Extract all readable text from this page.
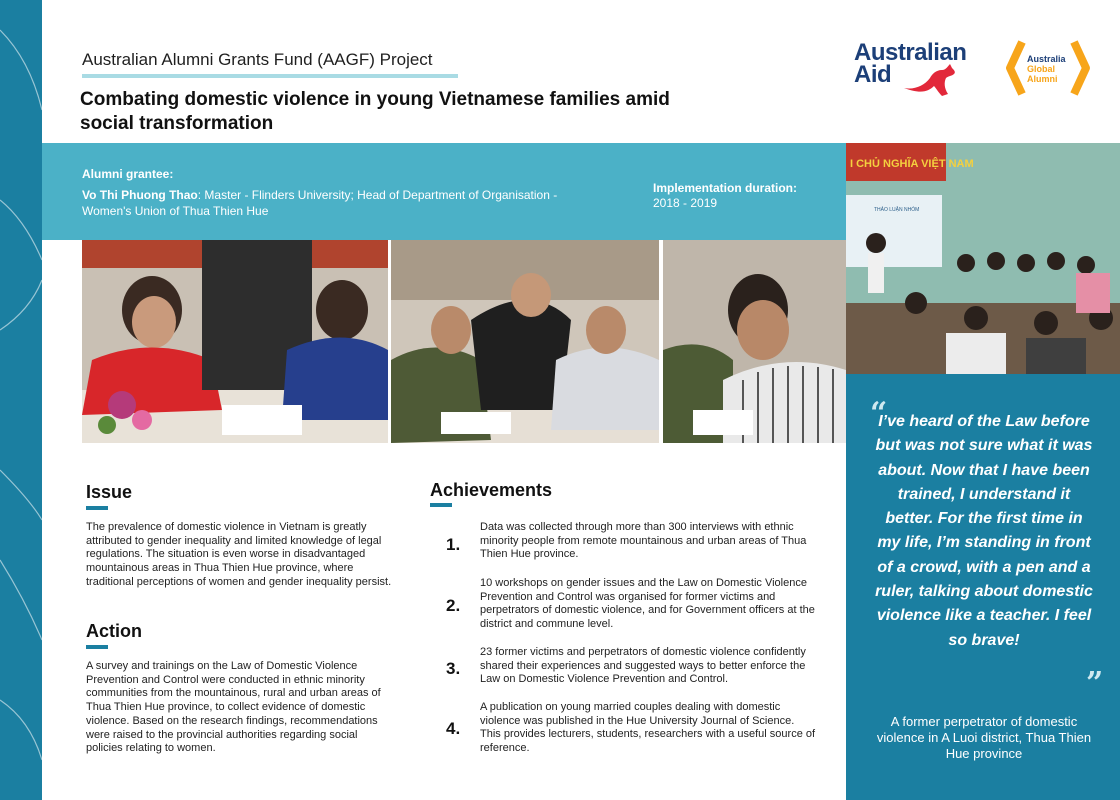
Australian Alumni Grants Fund (AAGF) Project
Combating domestic violence in young Vietnamese families amid social transformation
Australian
Aid
Australia
Global
Alumni
Alumni grantee:
Vo Thi Phuong Thao: Master - Flinders University; Head of Department of Organisation - Women's Union of Thua Thien Hue
Implementation duration:
2018 - 2019
I CHỦ NGHĨA VIỆT NAM
THẢO LUẬN NHÓM
“
I’ve heard of the Law before but was not sure what it was about. Now that I have been trained, I understand it better. For the first time in my life, I’m standing in front of a crowd, with a pen and a ruler, talking about domestic violence like a teacher. I feel so brave!
”
A former perpetrator of domestic violence in A Luoi district, Thua Thien Hue province
Issue
The prevalence of domestic violence in Vietnam is greatly attributed to gender inequality and limited knowledge of legal regulations. The situation is even worse in disadvantaged mountainous areas in Thua Thien Hue province, where traditional perceptions of women and gender inequality persist.
Action
A survey and trainings on the Law of Domestic Violence Prevention and Control were conducted in ethnic minority communities from the mountainous, rural and urban areas of Thua Thien Hue province, to collect evidence of domestic violence. Based on the research findings, recommendations were raised to the provincial authorities regarding social policies relating to women.
Achievements
1.
Data was collected through more than 300 interviews with ethnic minority people from remote mountainous and urban areas of Thua Thien Hue province.
2.
10 workshops on gender issues and the Law on Domestic Violence Prevention and Control was organised for former victims and perpetrators of domestic violence, and for Government officers at the district and commune level.
3.
23 former victims and perpetrators of domestic violence confidently shared their experiences and suggested ways to better enforce the Law on Domestic Violence Prevention and Control.
4.
A publication on young married couples dealing with domestic violence was published in the Hue University Journal of Science. This provides lecturers, students, researchers with a useful source of reference.
